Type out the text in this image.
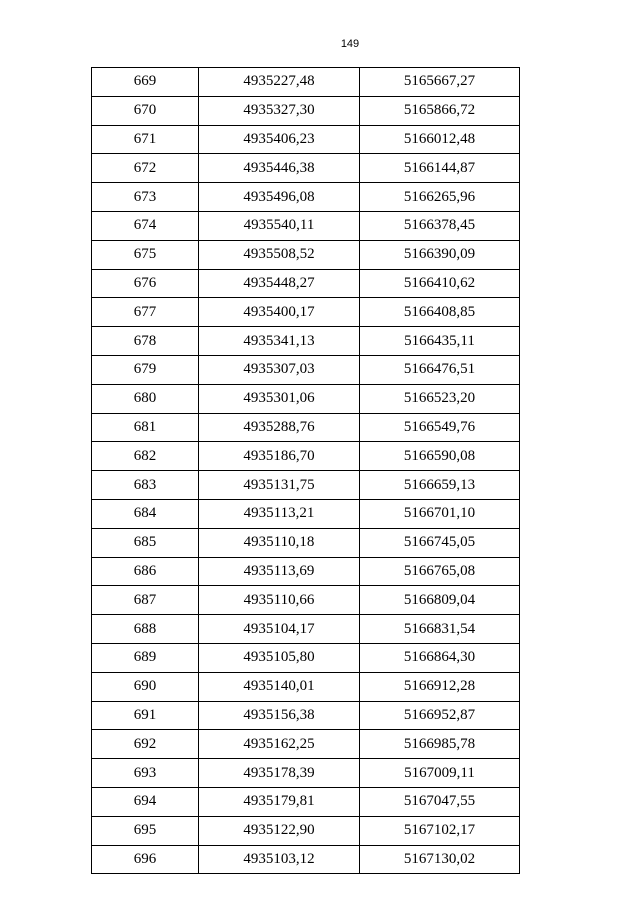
149
669	4935227,48	5165667,27
670	4935327,30	5165866,72
671	4935406,23	5166012,48
672	4935446,38	5166144,87
673	4935496,08	5166265,96
674	4935540,11	5166378,45
675	4935508,52	5166390,09
676	4935448,27	5166410,62
677	4935400,17	5166408,85
678	4935341,13	5166435,11
679	4935307,03	5166476,51
680	4935301,06	5166523,20
681	4935288,76	5166549,76
682	4935186,70	5166590,08
683	4935131,75	5166659,13
684	4935113,21	5166701,10
685	4935110,18	5166745,05
686	4935113,69	5166765,08
687	4935110,66	5166809,04
688	4935104,17	5166831,54
689	4935105,80	5166864,30
690	4935140,01	5166912,28
691	4935156,38	5166952,87
692	4935162,25	5166985,78
693	4935178,39	5167009,11
694	4935179,81	5167047,55
695	4935122,90	5167102,17
696	4935103,12	5167130,02
